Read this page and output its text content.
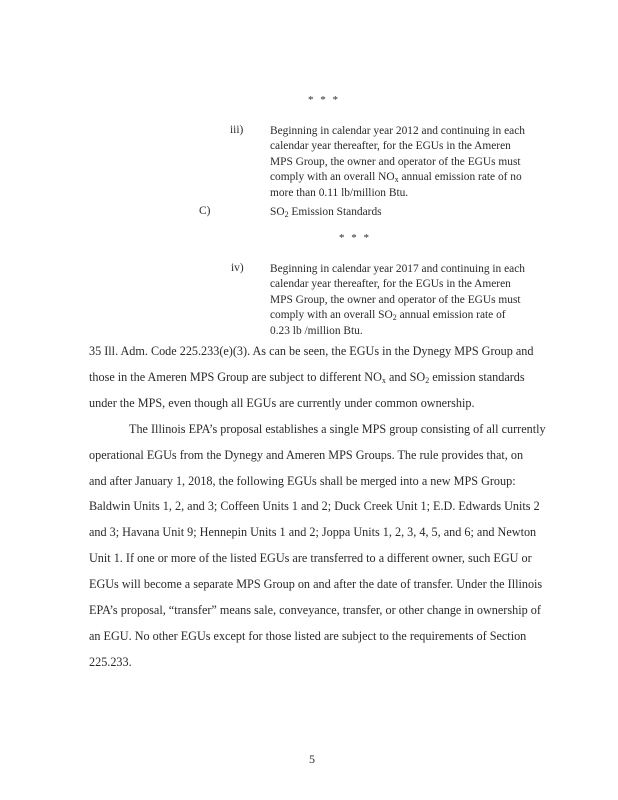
* * *
iii) Beginning in calendar year 2012 and continuing in each
calendar year thereafter, for the EGUs in the Ameren
MPS Group, the owner and operator of the EGUs must
comply with an overall $NO_x$ annual emission rate of no
more than 0.11 lb/million Btu.
C)	$SO_2$ Emission Standards
* * *
iv) Beginning in calendar year 2017 and continuing in each
calendar year thereafter, for the EGUs in the Ameren
MPS Group, the owner and operator of the EGUs must
comply with an overall $SO_2$ annual emission rate of
0.23 lb /million Btu.
35 Ill. Adm. Code 225.233(e)(3). As can be seen, the EGUs in the Dynegy MPS Group and
those in the Ameren MPS Group are subject to different $NO_x$ and $SO_2$ emission standards
under the MPS, even though all EGUs are currently under common ownership.
The Illinois EPA’s proposal establishes a single MPS group consisting of all currently
operational EGUs from the Dynegy and Ameren MPS Groups. The rule provides that, on
and after January 1, 2018, the following EGUs shall be merged into a new MPS Group:
Baldwin Units 1, 2, and 3; Coffeen Units 1 and 2; Duck Creek Unit 1; E.D. Edwards Units 2
and 3; Havana Unit 9; Hennepin Units 1 and 2; Joppa Units 1, 2, 3, 4, 5, and 6; and Newton
Unit 1. If one or more of the listed EGUs are transferred to a different owner, such EGU or
EGUs will become a separate MPS Group on and after the date of transfer. Under the Illinois
EPA’s proposal, “transfer” means sale, conveyance, transfer, or other change in ownership of
an EGU. No other EGUs except for those listed are subject to the requirements of Section
225.233.
5
